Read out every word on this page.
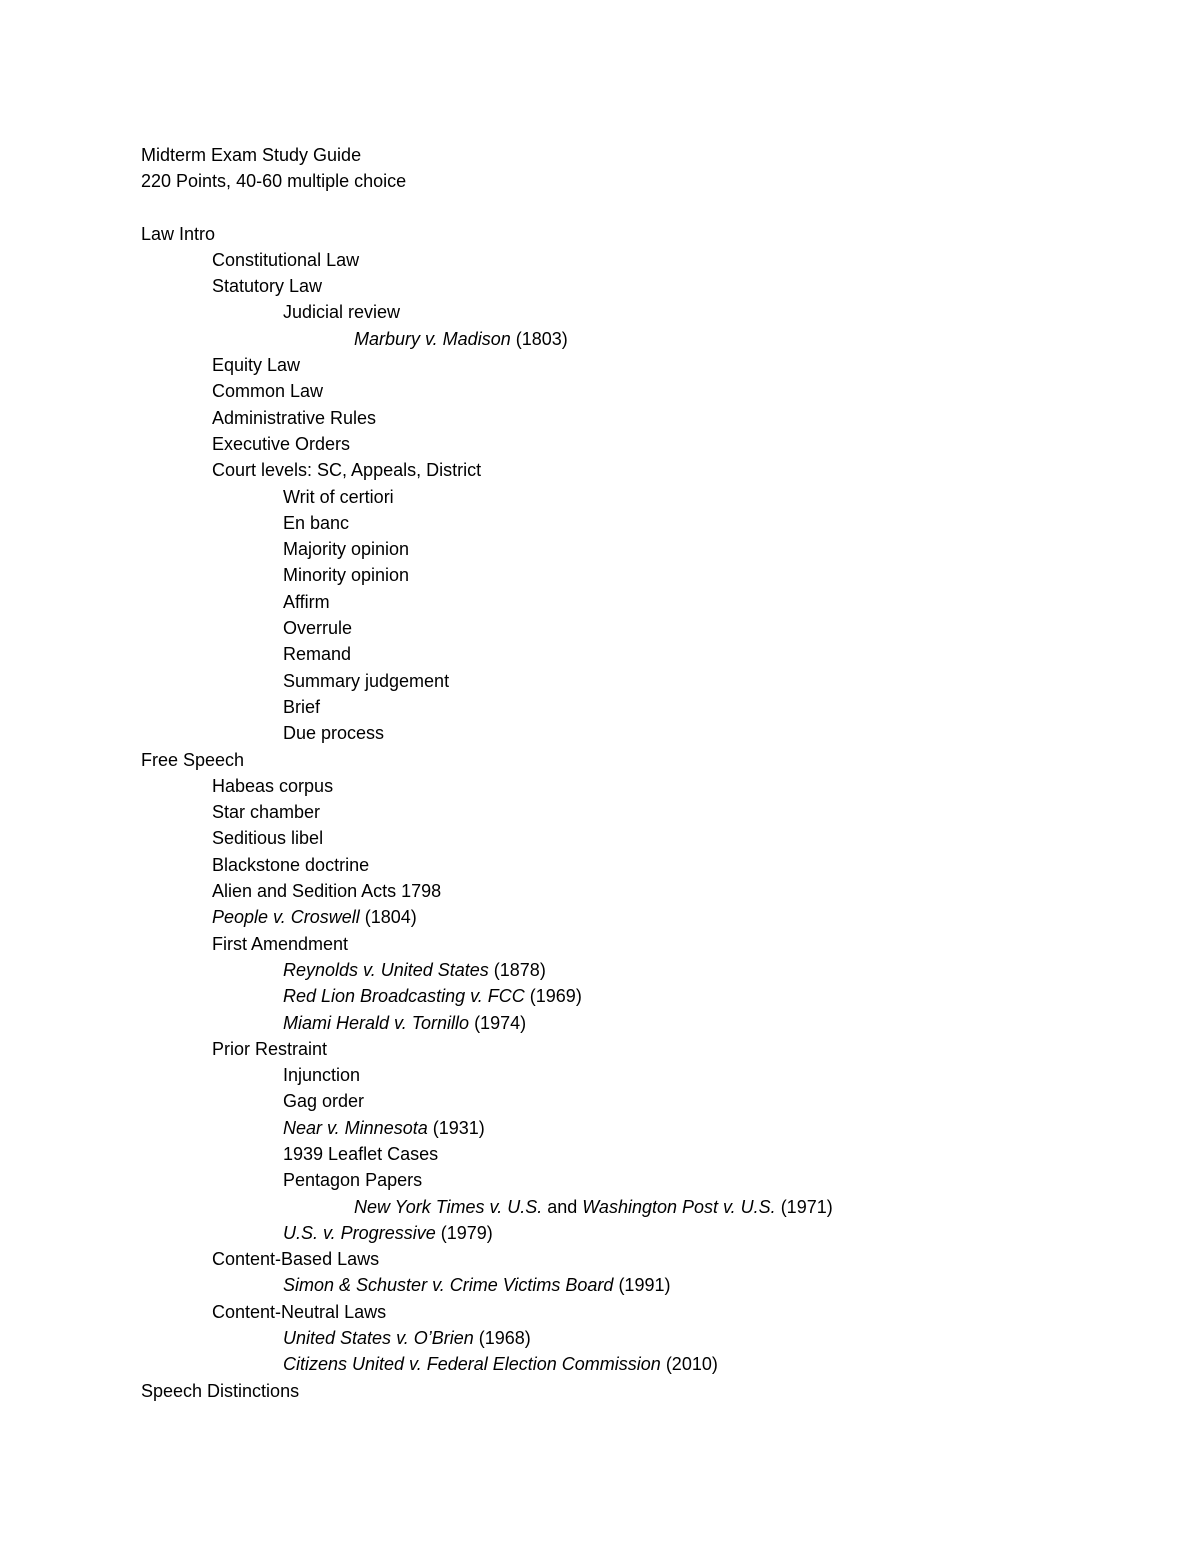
Midterm Exam Study Guide
220 Points, 40-60 multiple choice
Law Intro
Constitutional Law
Statutory Law
Judicial review
Marbury v. Madison (1803)
Equity Law
Common Law
Administrative Rules
Executive Orders
Court levels: SC, Appeals, District
Writ of certiori
En banc
Majority opinion
Minority opinion
Affirm
Overrule
Remand
Summary judgement
Brief
Due process
Free Speech
Habeas corpus
Star chamber
Seditious libel
Blackstone doctrine
Alien and Sedition Acts 1798
People v. Croswell (1804)
First Amendment
Reynolds v. United States (1878)
Red Lion Broadcasting v. FCC (1969)
Miami Herald v. Tornillo (1974)
Prior Restraint
Injunction
Gag order
Near v. Minnesota (1931)
1939 Leaflet Cases
Pentagon Papers
New York Times v. U.S. and Washington Post v. U.S. (1971)
U.S. v. Progressive (1979)
Content-Based Laws
Simon & Schuster v. Crime Victims Board (1991)
Content-Neutral Laws
United States v. O’Brien (1968)
Citizens United v. Federal Election Commission (2010)
Speech Distinctions
